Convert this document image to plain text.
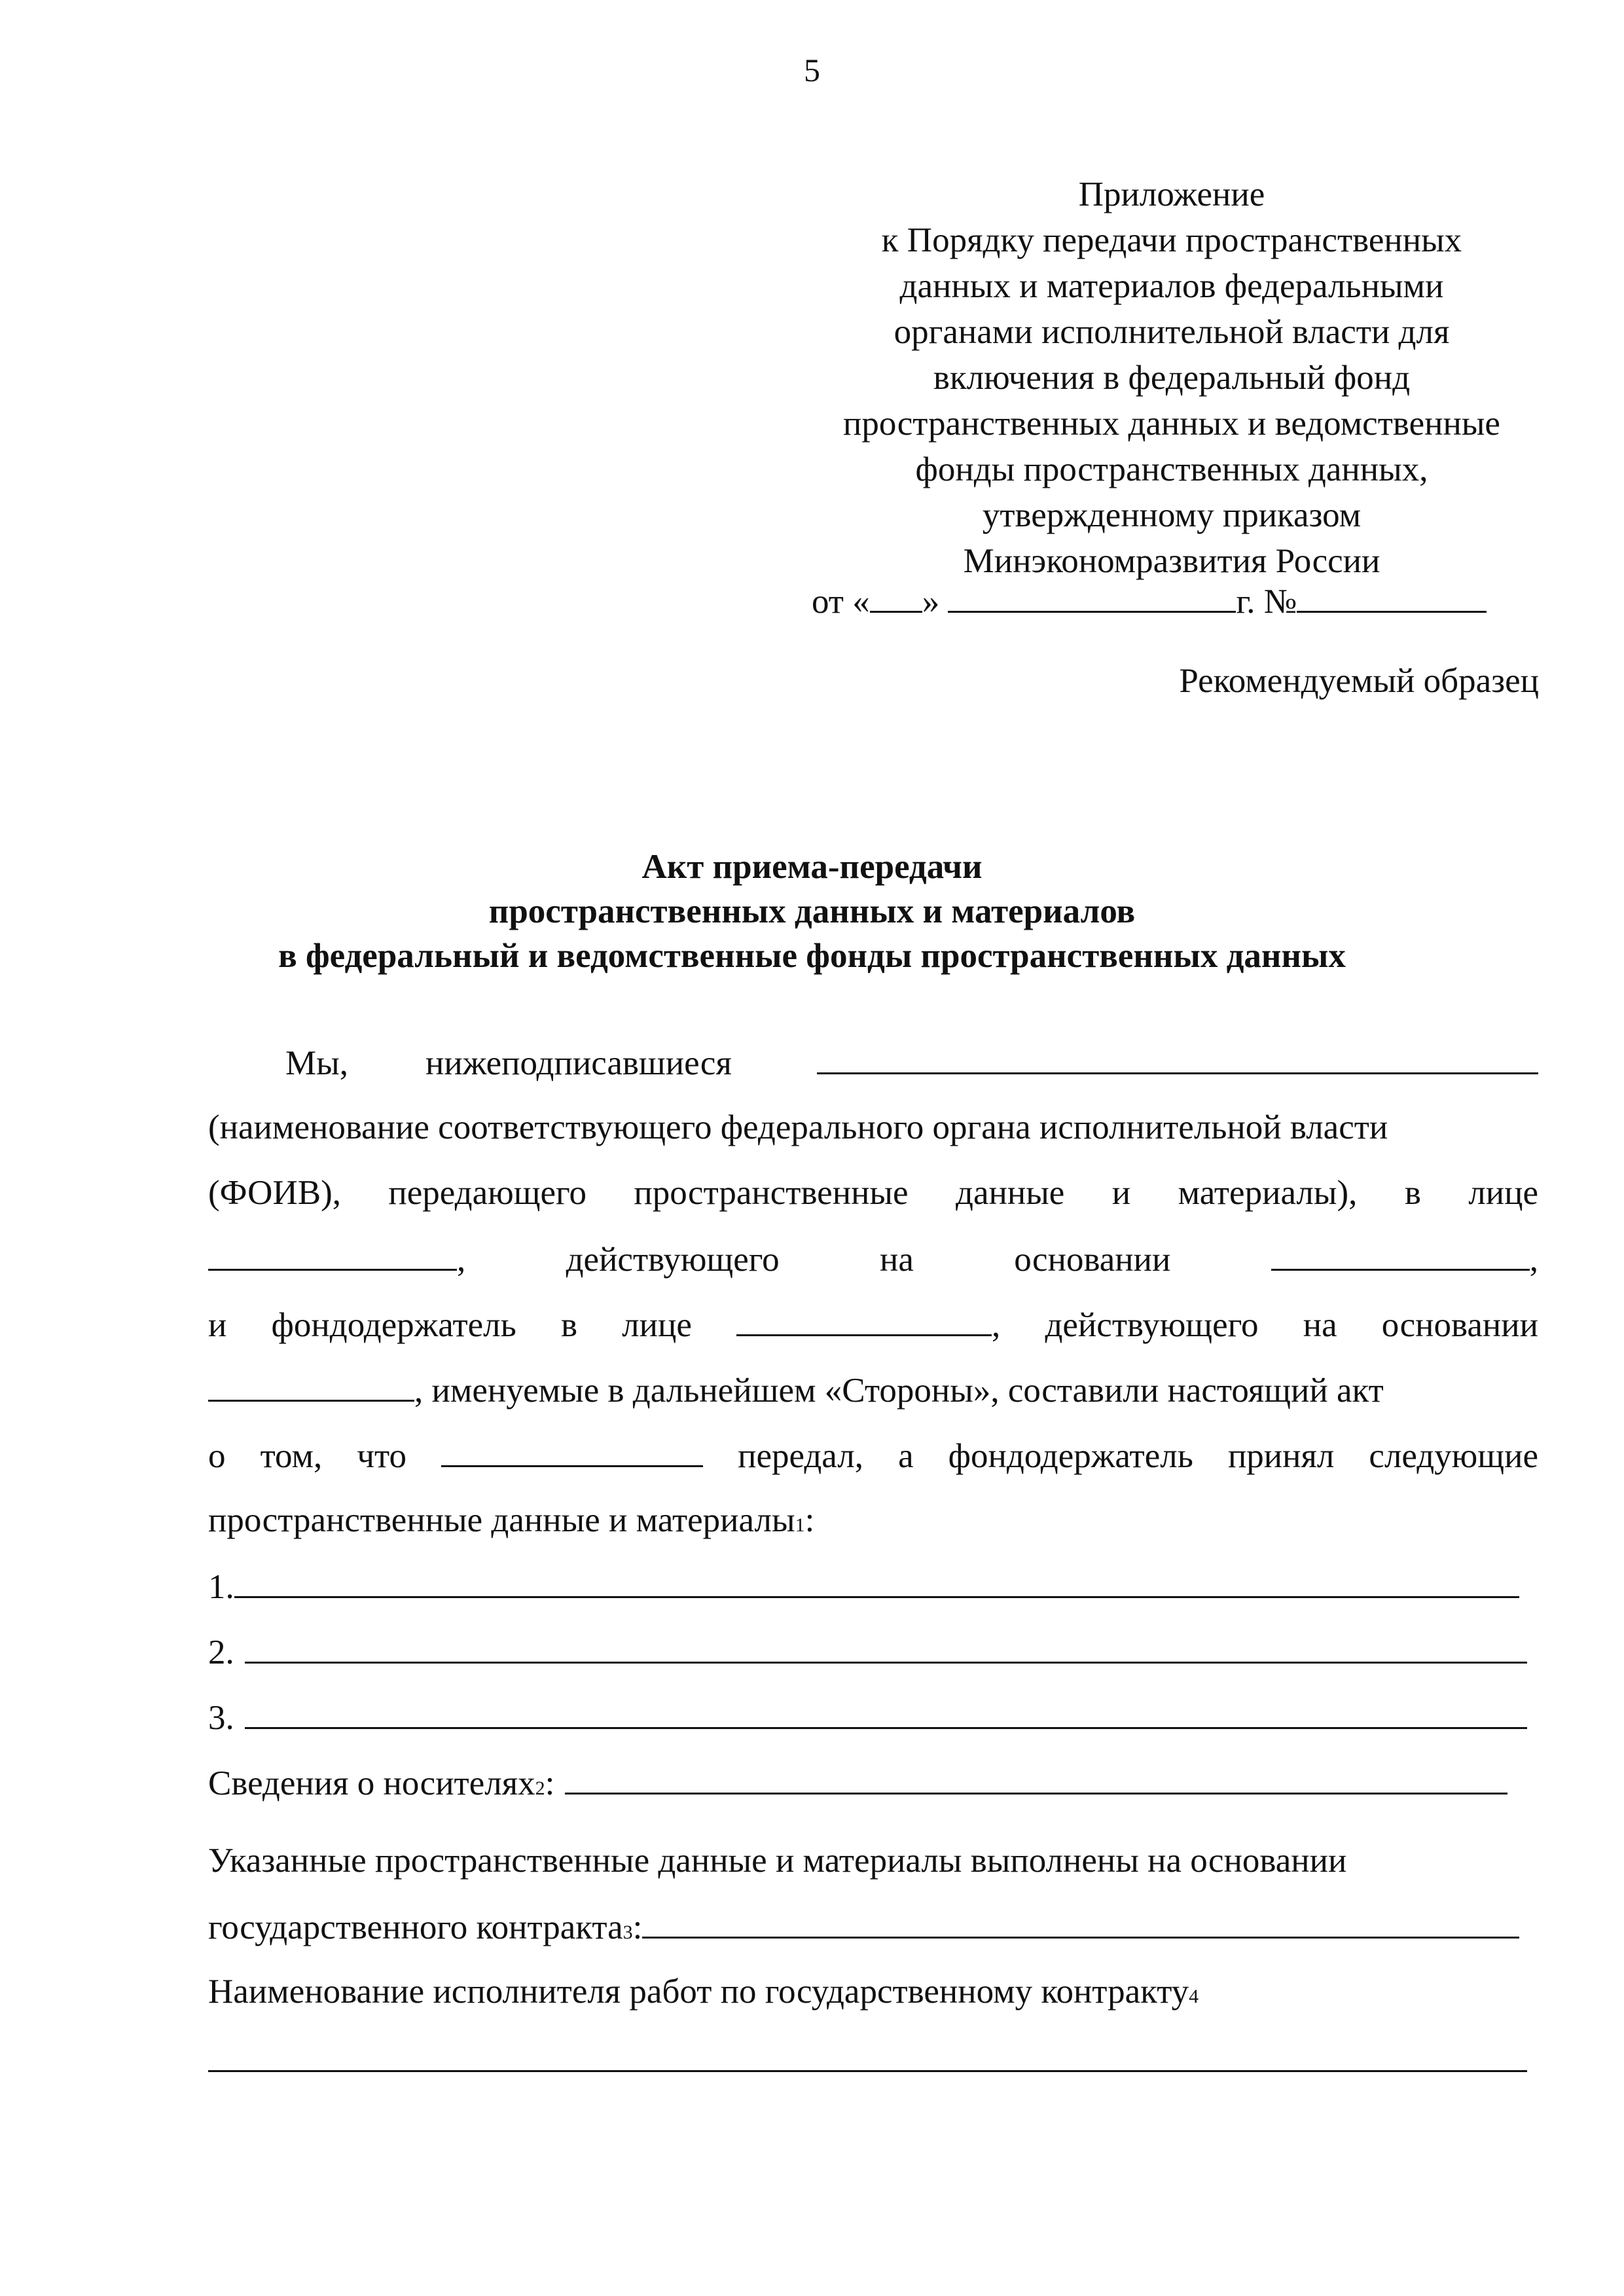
5
Приложение
к Порядку передачи пространственных
данных и материалов федеральными
органами исполнительной власти для
включения в федеральный фонд
пространственных данных и ведомственные
фонды пространственных данных,
утвержденному приказом
Минэкономразвития России
от « »	г. №
Рекомендуемый образец
Акт приема-передачи
пространственных данных и материалов
в федеральный и ведомственные фонды пространственных данных
Мы, нижеподписавшиеся
(наименование соответствующего федерального органа исполнительной власти
(ФОИВ), передающего пространственные данные и материалы), в лице
,	действующего	на	основании	,
и фондодержатель в лице	, действующего на основании
, именуемые в дальнейшем «Стороны», составили настоящий акт
о том, что	передал, а фондодержатель принял следующие
пространственные данные и материалы 1 :
1.
2.
3.
Сведения о носителях 2 :
Указанные пространственные данные и материалы выполнены на основании
государственного контракта 3 :
Наименование исполнителя работ по государственному контракту 4
